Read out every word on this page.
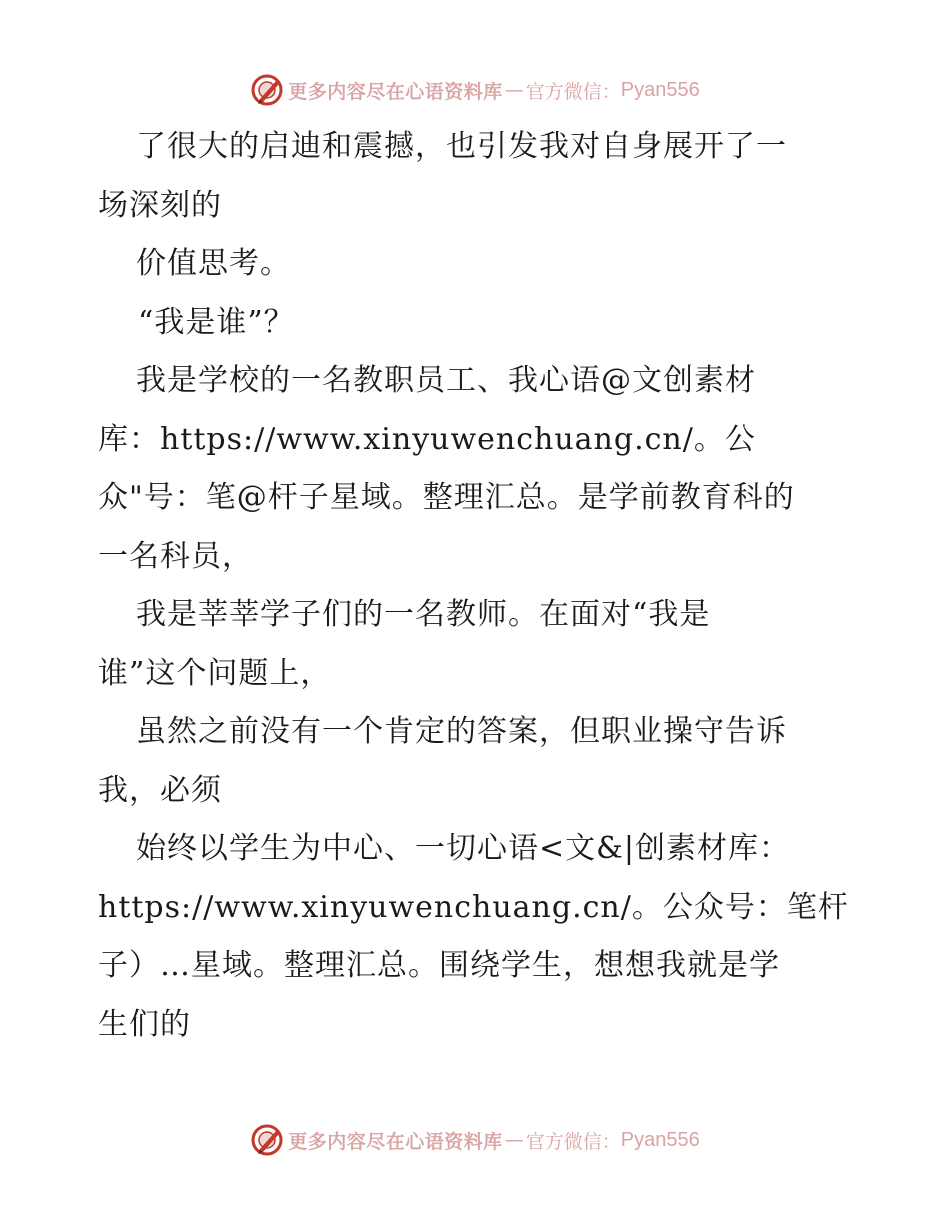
更多内容尽在心语资料库 — 官方微信： Pyan556
了很大的启迪和震撼，也引发我对自身展开了一
场深刻的
价值思考。
“我是谁”？
我是学校的一名教职员工、我心语@文创素材
库：https://www.xinyuwenchuang.cn/。公
众"号：笔@杆子星域。整理汇总。是学前教育科的
一名科员，
我是莘莘学子们的一名教师。在面对“我是
谁”这个问题上，
虽然之前没有一个肯定的答案，但职业操守告诉
我，必须
始终以学生为中心、一切心语<文&|创素材库：
https://www.xinyuwenchuang.cn/。公众号：笔杆
子）…星域。整理汇总。围绕学生，想想我就是学
生们的
更多内容尽在心语资料库 — 官方微信： Pyan556
